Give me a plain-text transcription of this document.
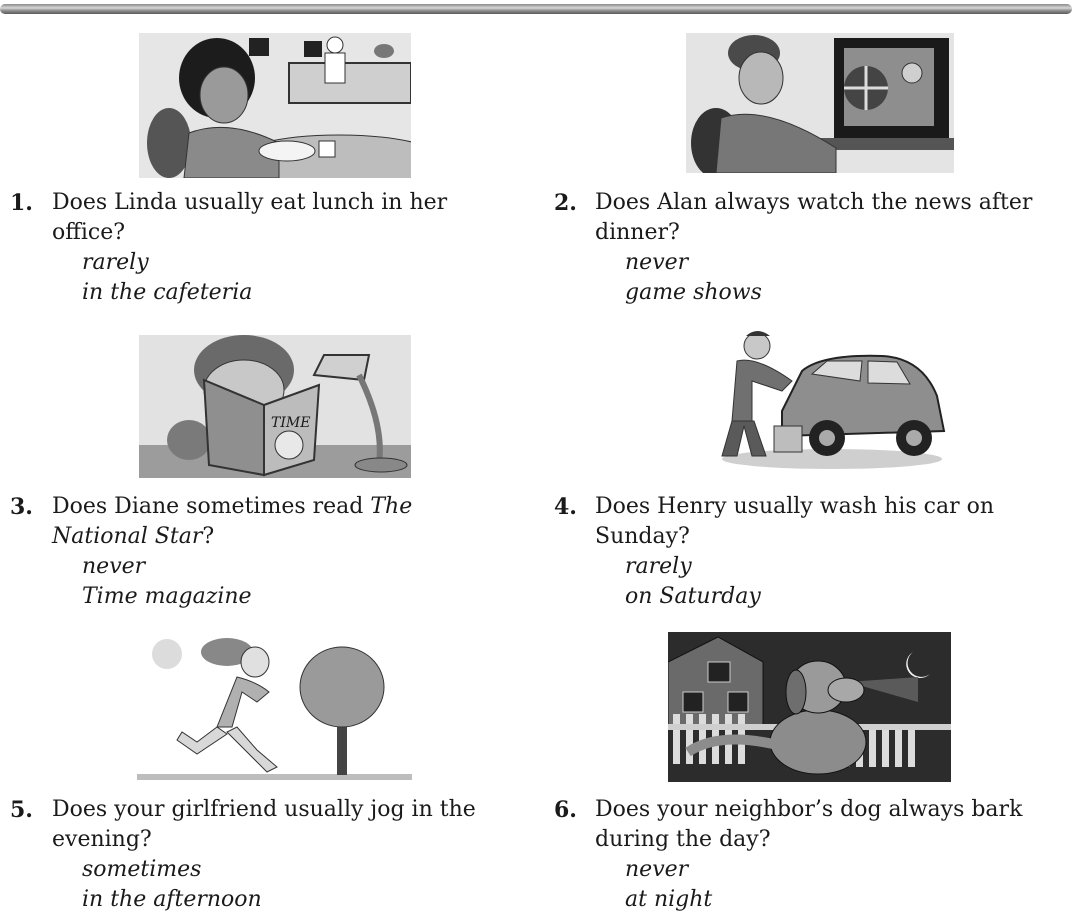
1. Does Linda usually eat lunch in her
office?
rarely
in the cafeteria
2. Does Alan always watch the news after
dinner?
never
game shows
TIME
3. Does Diane sometimes read The
National Star?
never
Time magazine
4. Does Henry usually wash his car on
Sunday?
rarely
on Saturday
5. Does your girlfriend usually jog in the
evening?
sometimes
in the afternoon
6. Does your neighbor’s dog always bark
during the day?
never
at night
